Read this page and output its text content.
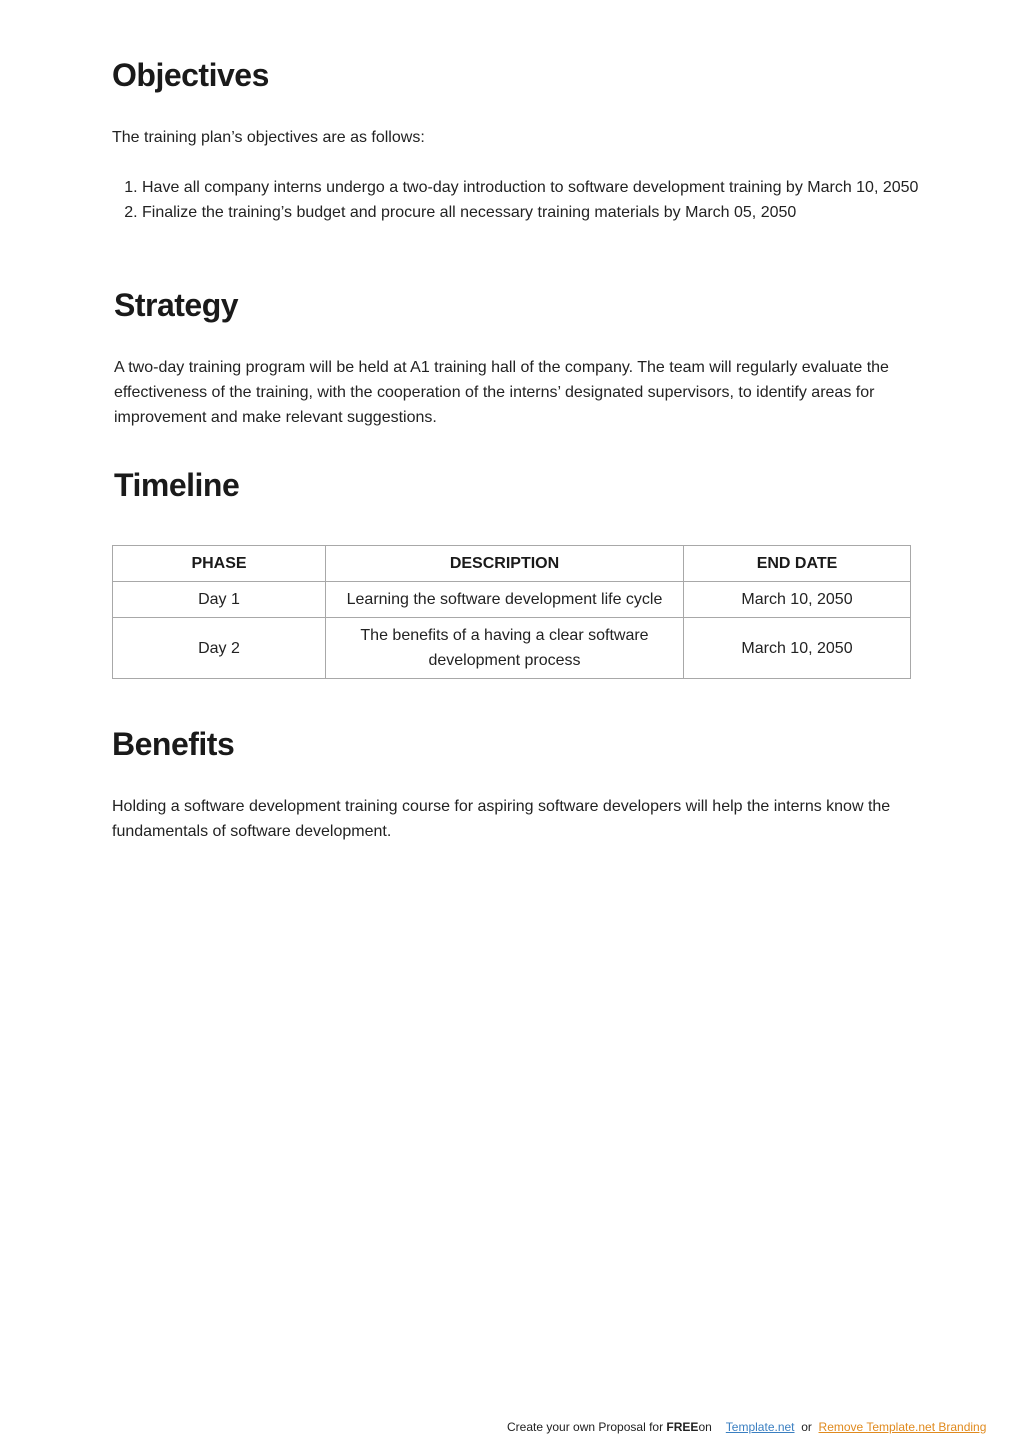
Objectives

The training plan’s objectives are as follows:

1. Have all company interns undergo a two-day introduction to software development training by March 10, 2050
2. Finalize the training’s budget and procure all necessary training materials by March 05, 2050
Strategy

A two-day training program will be held at A1 training hall of the company. The team will regularly evaluate the effectiveness of the training, with the cooperation of the interns’ designated supervisors, to identify areas for improvement and make relevant suggestions.

Timeline
PHASE	DESCRIPTION	END DATE
Day 1	Learning the software development life cycle	March 10, 2050
Day 2	The benefits of a having a clear software development process	March 10, 2050
Benefits

Holding a software development training course for aspiring software developers will help the interns know the fundamentals of software development.

Create your own Proposal for FREEon Template.net or Remove Template.net Branding
